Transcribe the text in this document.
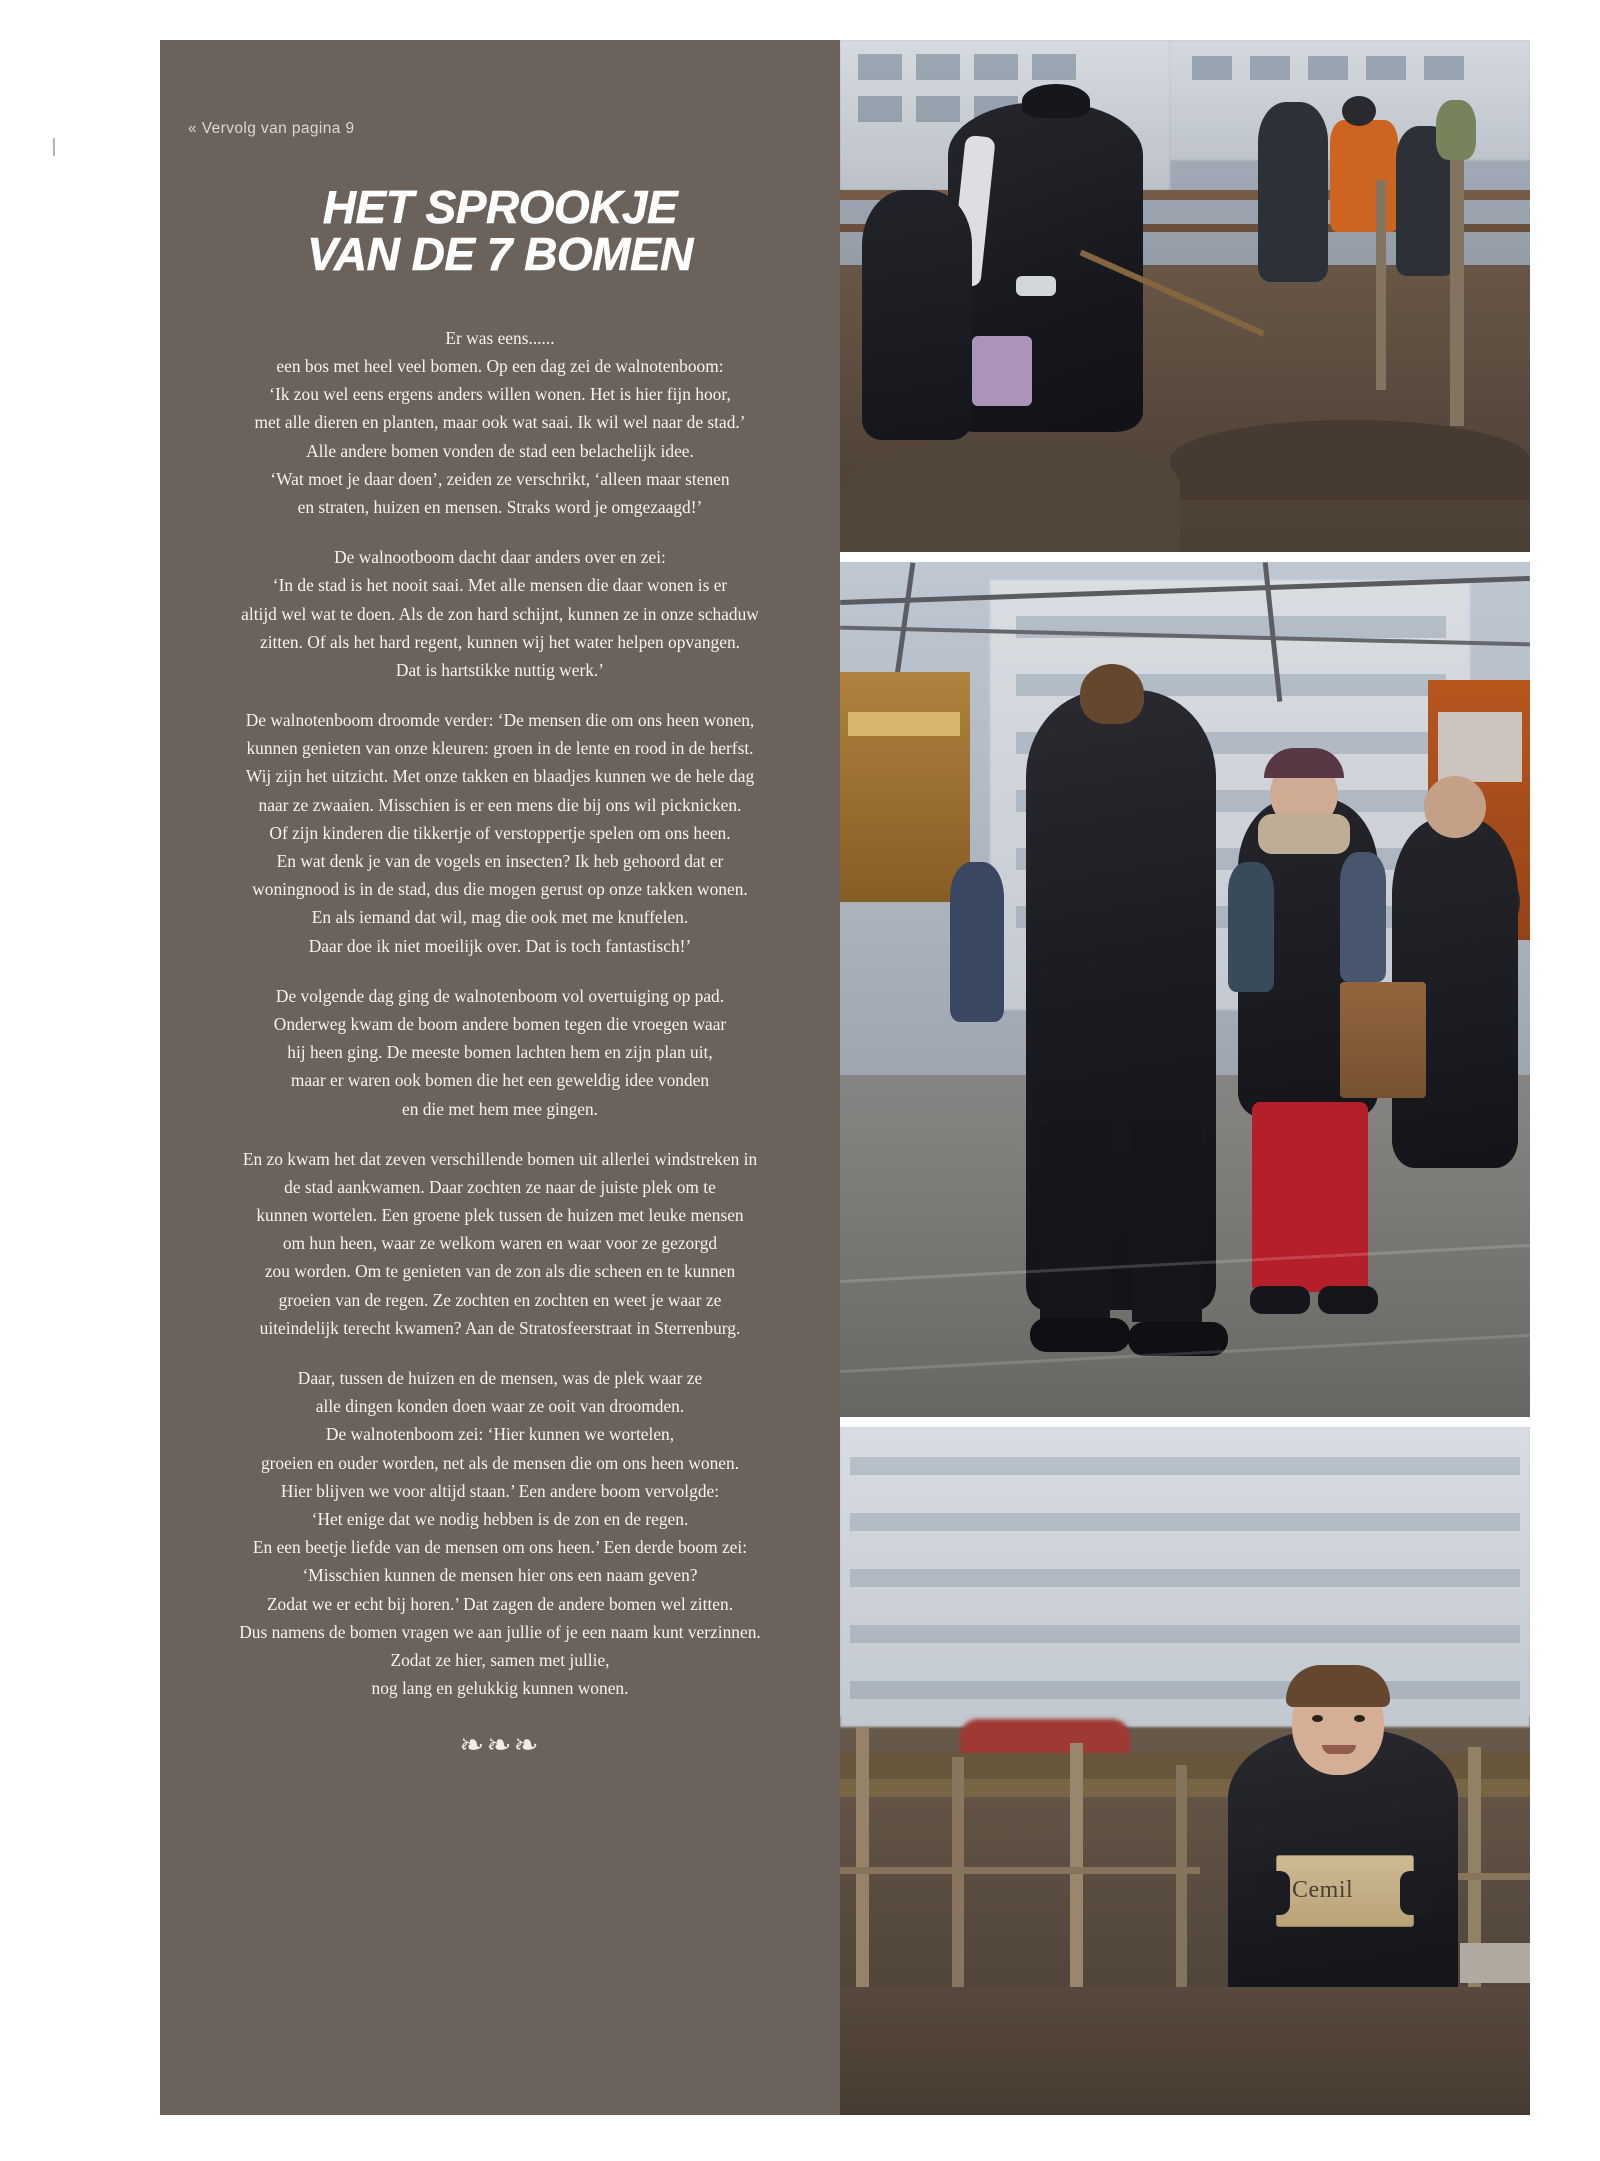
« Vervolg van pagina 9
HET SPROOKJE
VAN DE 7 BOMEN

Er was eens......
een bos met heel veel bomen. Op een dag zei de walnotenboom:
‘Ik zou wel eens ergens anders willen wonen. Het is hier fijn hoor,
met alle dieren en planten, maar ook wat saai. Ik wil wel naar de stad.’
Alle andere bomen vonden de stad een belachelijk idee.
‘Wat moet je daar doen’, zeiden ze verschrikt, ‘alleen maar stenen
en straten, huizen en mensen. Straks word je omgezaagd!’

De walnootboom dacht daar anders over en zei:
‘In de stad is het nooit saai. Met alle mensen die daar wonen is er
altijd wel wat te doen. Als de zon hard schijnt, kunnen ze in onze schaduw
zitten. Of als het hard regent, kunnen wij het water helpen opvangen.
Dat is hartstikke nuttig werk.’

De walnotenboom droomde verder: ‘De mensen die om ons heen wonen,
kunnen genieten van onze kleuren: groen in de lente en rood in de herfst.
Wij zijn het uitzicht. Met onze takken en blaadjes kunnen we de hele dag
naar ze zwaaien. Misschien is er een mens die bij ons wil picknicken.
Of zijn kinderen die tikkertje of verstoppertje spelen om ons heen.
En wat denk je van de vogels en insecten? Ik heb gehoord dat er
woningnood is in de stad, dus die mogen gerust op onze takken wonen.
En als iemand dat wil, mag die ook met me knuffelen.
Daar doe ik niet moeilijk over. Dat is toch fantastisch!’

De volgende dag ging de walnotenboom vol overtuiging op pad.
Onderweg kwam de boom andere bomen tegen die vroegen waar
hij heen ging. De meeste bomen lachten hem en zijn plan uit,
maar er waren ook bomen die het een geweldig idee vonden
en die met hem mee gingen.

En zo kwam het dat zeven verschillende bomen uit allerlei windstreken in
de stad aankwamen. Daar zochten ze naar de juiste plek om te
kunnen wortelen. Een groene plek tussen de huizen met leuke mensen
om hun heen, waar ze welkom waren en waar voor ze gezorgd
zou worden. Om te genieten van de zon als die scheen en te kunnen
groeien van de regen. Ze zochten en zochten en weet je waar ze
uiteindelijk terecht kwamen? Aan de Stratosfeerstraat in Sterrenburg.

Daar, tussen de huizen en de mensen, was de plek waar ze
alle dingen konden doen waar ze ooit van droomden.
De walnotenboom zei: ‘Hier kunnen we wortelen,
groeien en ouder worden, net als de mensen die om ons heen wonen.
Hier blijven we voor altijd staan.’ Een andere boom vervolgde:
‘Het enige dat we nodig hebben is de zon en de regen.
En een beetje liefde van de mensen om ons heen.’ Een derde boom zei:
‘Misschien kunnen de mensen hier ons een naam geven?
Zodat we er echt bij horen.’ Dat zagen de andere bomen wel zitten.
Dus namens de bomen vragen we aan jullie of je een naam kunt verzinnen.
Zodat ze hier, samen met jullie,
nog lang en gelukkig kunnen wonen.

❧❧❧
Cemil
